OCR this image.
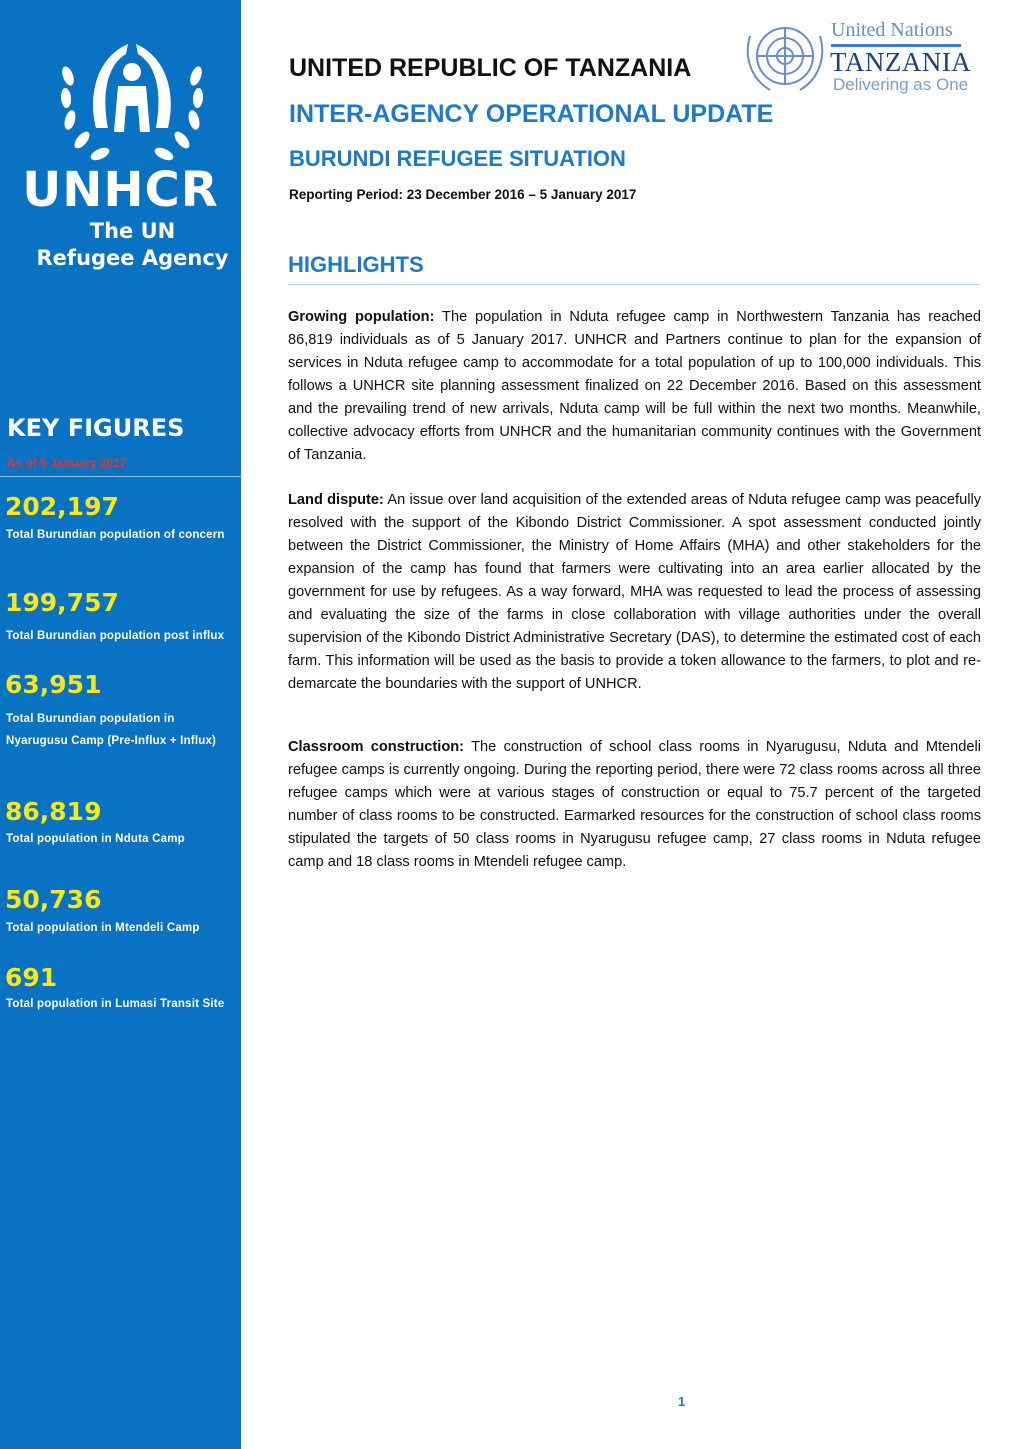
UNHCR
The UN
Refugee Agency
KEY FIGURES
As of 5 January 2017
202,197
Total Burundian population of concern
199,757
Total Burundian population post influx
63,951
Total Burundian population in Nyarugusu Camp (Pre-Influx + Influx)
86,819
Total population in Nduta Camp
50,736
Total population in Mtendeli Camp
691
Total population in Lumasi Transit Site
United Nations
TANZANIA
Delivering as One
UNITED REPUBLIC OF TANZANIA
INTER-AGENCY OPERATIONAL UPDATE
BURUNDI REFUGEE SITUATION
Reporting Period: 23 December 2016 – 5 January 2017
HIGHLIGHTS

Growing population: The population in Nduta refugee camp in Northwestern Tanzania has reached 86,819 individuals as of 5 January 2017. UNHCR and Partners continue to plan for the expansion of services in Nduta refugee camp to accommodate for a total population of up to 100,000 individuals. This follows a UNHCR site planning assessment finalized on 22 December 2016. Based on this assessment and the prevailing trend of new arrivals, Nduta camp will be full within the next two months. Meanwhile, collective advocacy efforts from UNHCR and the humanitarian community continues with the Government of Tanzania.

Land dispute: An issue over land acquisition of the extended areas of Nduta refugee camp was peacefully resolved with the support of the Kibondo District Commissioner. A spot assessment conducted jointly between the District Commissioner, the Ministry of Home Affairs (MHA) and other stakeholders for the expansion of the camp has found that farmers were cultivating into an area earlier allocated by the government for use by refugees. As a way forward, MHA was requested to lead the process of assessing and evaluating the size of the farms in close collaboration with village authorities under the overall supervision of the Kibondo District Administrative Secretary (DAS), to determine the estimated cost of each farm. This information will be used as the basis to provide a token allowance to the farmers, to plot and re-demarcate the boundaries with the support of UNHCR.

Classroom construction: The construction of school class rooms in Nyarugusu, Nduta and Mtendeli refugee camps is currently ongoing. During the reporting period, there were 72 class rooms across all three refugee camps which were at various stages of construction or equal to 75.7 percent of the targeted number of class rooms to be constructed. Earmarked resources for the construction of school class rooms stipulated the targets of 50 class rooms in Nyarugusu refugee camp, 27 class rooms in Nduta refugee camp and 18 class rooms in Mtendeli refugee camp.

1
